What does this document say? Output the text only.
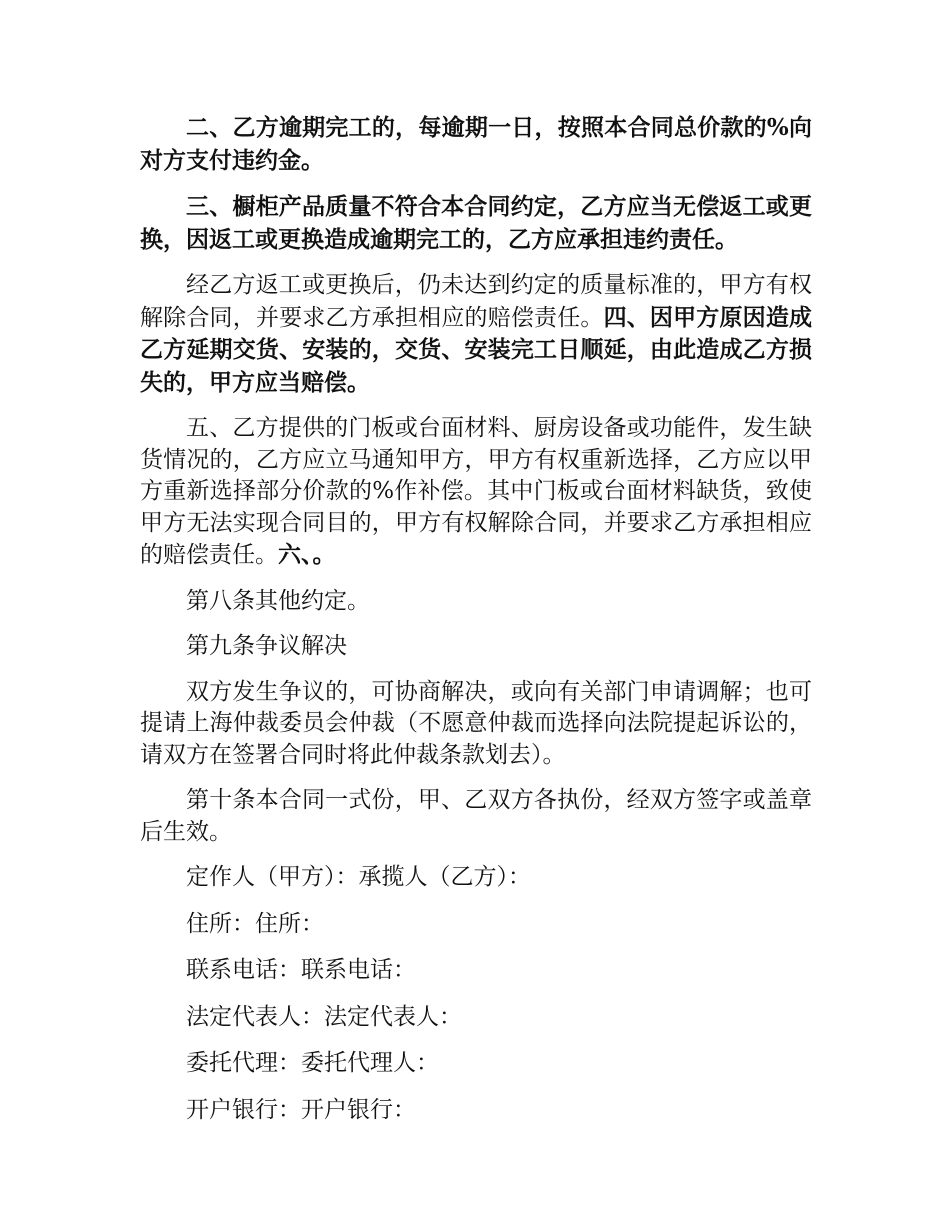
二、乙方逾期完工的，每逾期一日，按照本合同总价款的%向对方支付违约金。

三、橱柜产品质量不符合本合同约定，乙方应当无偿返工或更换，因返工或更换造成逾期完工的，乙方应承担违约责任。

经乙方返工或更换后，仍未达到约定的质量标准的，甲方有权解除合同，并要求乙方承担相应的赔偿责任。四、因甲方原因造成乙方延期交货、安装的，交货、安装完工日顺延，由此造成乙方损失的，甲方应当赔偿。

五、乙方提供的门板或台面材料、厨房设备或功能件，发生缺货情况的，乙方应立马通知甲方，甲方有权重新选择，乙方应以甲方重新选择部分价款的%作补偿。其中门板或台面材料缺货，致使甲方无法实现合同目的，甲方有权解除合同，并要求乙方承担相应的赔偿责任。六、。

第八条其他约定。

第九条争议解决

双方发生争议的，可协商解决，或向有关部门申请调解；也可提请上海仲裁委员会仲裁（不愿意仲裁而选择向法院提起诉讼的，请双方在签署合同时将此仲裁条款划去）。

第十条本合同一式份，甲、乙双方各执份，经双方签字或盖章后生效。

定作人（甲方）：承揽人（乙方）：

住所：住所：

联系电话：联系电话：

法定代表人：法定代表人：

委托代理：委托代理人：

开户银行：开户银行：
